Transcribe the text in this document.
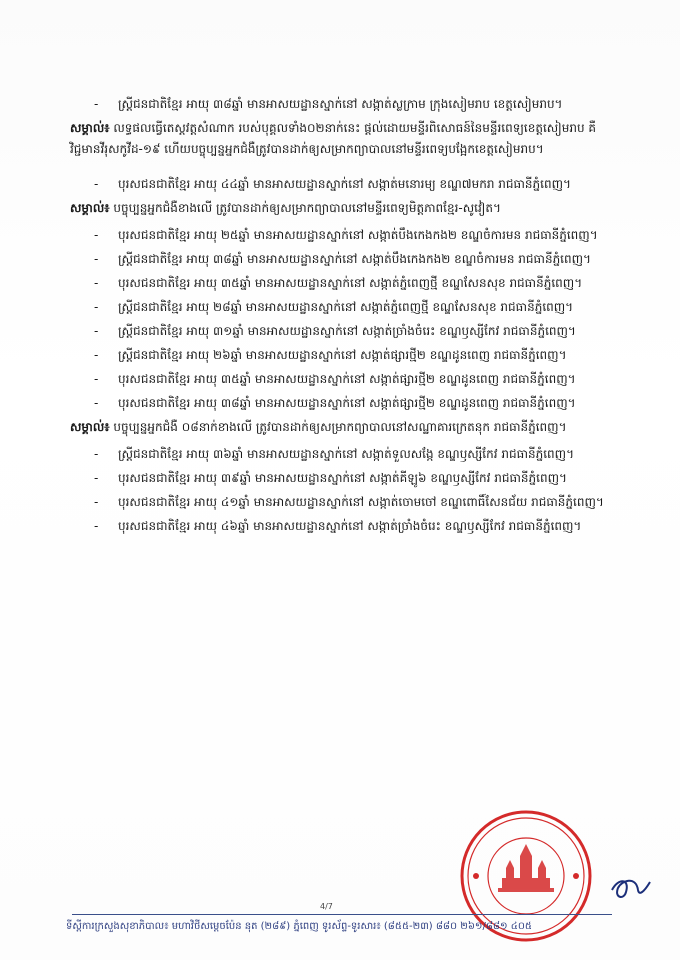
-	ស្ត្រីជនជាតិខ្មែរ អាយុ ៣៨ឆ្នាំ មានអាសយដ្ឋានស្នាក់នៅ សង្កាត់ស្លក្រាម ក្រុងសៀមរាប ខេត្តសៀមរាប។
សម្គាល់៖ លទ្ធផលធ្វើតេស្តវត្តសំណាក របស់បុគ្គលទាំង០២នាក់នេះ ផ្តល់ដោយមន្ទីរពិសោធន៍នៃមន្ទីរពេទ្យខេត្តសៀមរាប គឺ វិជ្ជមានវីរុសកូវីដ-១៩ ហើយបច្ចុប្បន្នអ្នកជំងឺត្រូវបានដាក់ឲ្យសម្រាកព្យាបាលនៅមន្ទីរពេទ្យបង្អែកខេត្តសៀមរាប។
-	បុរសជនជាតិខ្មែរ អាយុ ៤៤ឆ្នាំ មានអាសយដ្ឋានស្នាក់នៅ សង្កាត់មនោរម្យ ខណ្ឌ៧មករា រាជធានីភ្នំពេញ។
សម្គាល់៖ បច្ចុប្បន្នអ្នកជំងឺខាងលើ ត្រូវបានដាក់ឲ្យសម្រាកព្យាបាលនៅមន្ទីរពេទ្យមិត្តភាពខ្មែរ-សូវៀត។
-	បុរសជនជាតិខ្មែរ អាយុ ២៥ឆ្នាំ មានអាសយដ្ឋានស្នាក់នៅ សង្កាត់បឹងកេងកង២ ខណ្ឌចំការមន រាជធានីភ្នំពេញ។
-	ស្ត្រីជនជាតិខ្មែរ អាយុ ៣៨ឆ្នាំ មានអាសយដ្ឋានស្នាក់នៅ សង្កាត់បឹងកេងកង២ ខណ្ឌចំការមន រាជធានីភ្នំពេញ។
-	បុរសជនជាតិខ្មែរ អាយុ ៣៥ឆ្នាំ មានអាសយដ្ឋានស្នាក់នៅ សង្កាត់ភ្នំពេញថ្មី ខណ្ឌសែនសុខ រាជធានីភ្នំពេញ។
-	ស្ត្រីជនជាតិខ្មែរ អាយុ ២៨ឆ្នាំ មានអាសយដ្ឋានស្នាក់នៅ សង្កាត់ភ្នំពេញថ្មី ខណ្ឌសែនសុខ រាជធានីភ្នំពេញ។
-	ស្ត្រីជនជាតិខ្មែរ អាយុ ៣១ឆ្នាំ មានអាសយដ្ឋានស្នាក់នៅ សង្កាត់ច្រាំងចំរេះ ខណ្ឌឫស្សីកែវ រាជធានីភ្នំពេញ។
-	ស្ត្រីជនជាតិខ្មែរ អាយុ ២៦ឆ្នាំ មានអាសយដ្ឋានស្នាក់នៅ សង្កាត់ផ្សារថ្មី២ ខណ្ឌដូនពេញ រាជធានីភ្នំពេញ។
-	បុរសជនជាតិខ្មែរ អាយុ ៣៥ឆ្នាំ មានអាសយដ្ឋានស្នាក់នៅ សង្កាត់ផ្សារថ្មី២ ខណ្ឌដូនពេញ រាជធានីភ្នំពេញ។
-	បុរសជនជាតិខ្មែរ អាយុ ៣៨ឆ្នាំ មានអាសយដ្ឋានស្នាក់នៅ សង្កាត់ផ្សារថ្មី២ ខណ្ឌដូនពេញ រាជធានីភ្នំពេញ។
សម្គាល់៖ បច្ចុប្បន្នអ្នកជំងឺ ០៨នាក់ខាងលើ ត្រូវបានដាក់ឲ្យសម្រាកព្យាបាលនៅសណ្ឋាគារក្រេតនុក រាជធានីភ្នំពេញ។
-	ស្ត្រីជនជាតិខ្មែរ អាយុ ៣៦ឆ្នាំ មានអាសយដ្ឋានស្នាក់នៅ សង្កាត់ទួលសង្កែ ខណ្ឌឫស្សីកែវ រាជធានីភ្នំពេញ។
-	បុរសជនជាតិខ្មែរ អាយុ ៣៩ឆ្នាំ មានអាសយដ្ឋានស្នាក់នៅ សង្កាត់គីឡូ៦ ខណ្ឌឫស្សីកែវ រាជធានីភ្នំពេញ។
-	បុរសជនជាតិខ្មែរ អាយុ ៤១ឆ្នាំ មានអាសយដ្ឋានស្នាក់នៅ សង្កាត់ចោមចៅ ខណ្ឌពោធិ៍សែនជ័យ រាជធានីភ្នំពេញ។
-	បុរសជនជាតិខ្មែរ អាយុ ៤៦ឆ្នាំ មានអាសយដ្ឋានស្នាក់នៅ សង្កាត់ច្រាំងចំរេះ ខណ្ឌឫស្សីកែវ រាជធានីភ្នំពេញ។
4/7
ទីស្តីការក្រសួងសុខាភិបាល៖ មហាវិថីសម្តេចប៉ែន នុត (២៨៩) ភ្នំពេញ ទូរស័ព្ទ-ទូរសារ៖ (៨៥៥-២៣) ៨៨០ ២៦១/៨៨១ ៤០៥
